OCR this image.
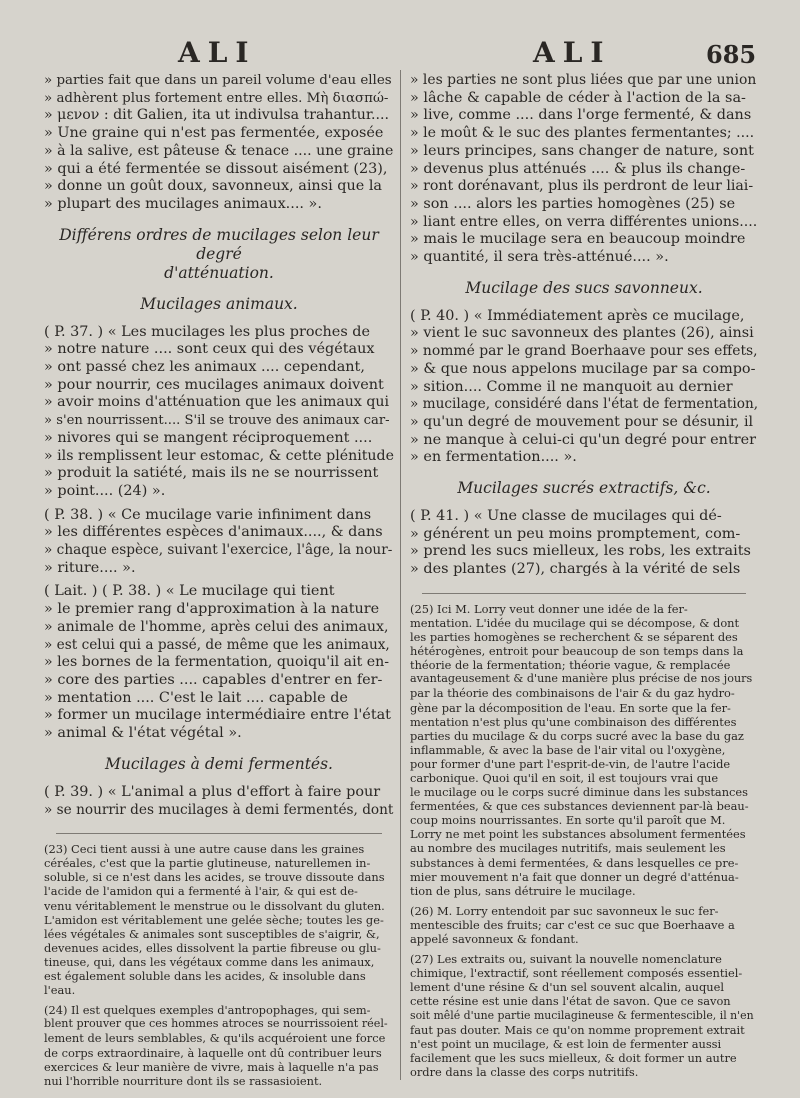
ALI	ALI	685
» parties fait que dans un pareil volume d'eau elles
» adhèrent plus fortement entre elles. Μὴ διασπώ-
» μενον : dit Galien, ita ut indivulsa trahantur....
» Une graine qui n'est pas fermentée, exposée
» à la salive, est pâteuse & tenace .... une graine
» qui a été fermentée se dissout aisément (23),
» donne un goût doux, savonneux, ainsi que la
» plupart des mucilages animaux.... ».
Différens ordres de mucilages selon leur degré
d'atténuation.
Mucilages animaux.
( P. 37. ) « Les mucilages les plus proches de
» notre nature .... sont ceux qui des végétaux
» ont passé chez les animaux .... cependant,
» pour nourrir, ces mucilages animaux doivent
» avoir moins d'atténuation que les animaux qui
» s'en nourrissent.... S'il se trouve des animaux car-
» nivores qui se mangent réciproquement ....
» ils remplissent leur estomac, & cette plénitude
» produit la satiété, mais ils ne se nourrissent
» point.... (24) ».
( P. 38. ) « Ce mucilage varie infiniment dans
» les différentes espèces d'animaux...., & dans
» chaque espèce, suivant l'exercice, l'âge, la nour-
» riture.... ».
( Lait. ) ( P. 38. ) « Le mucilage qui tient
» le premier rang d'approximation à la nature
» animale de l'homme, après celui des animaux,
» est celui qui a passé, de même que les animaux,
» les bornes de la fermentation, quoiqu'il ait en-
» core des parties .... capables d'entrer en fer-
» mentation .... C'est le lait .... capable de
» former un mucilage intermédiaire entre l'état
» animal & l'état végétal ».
Mucilages à demi fermentés.
( P. 39. ) « L'animal a plus d'effort à faire pour
» se nourrir des mucilages à demi fermentés, dont
(23) Ceci tient aussi à une autre cause dans les graines
céréales, c'est que la partie glutineuse, naturellemen in-
soluble, si ce n'est dans les acides, se trouve dissoute dans
l'acide de l'amidon qui a fermenté à l'air, & qui est de-
venu véritablement le menstrue ou le dissolvant du gluten.
L'amidon est véritablement une gelée sèche; toutes les ge-
lées végétales & animales sont susceptibles de s'aigrir, &,
devenues acides, elles dissolvent la partie fibreuse ou glu-
tineuse, qui, dans les végétaux comme dans les animaux,
est également soluble dans les acides, & insoluble dans
l'eau.
(24) Il est quelques exemples d'antropophages, qui sem-
blent prouver que ces hommes atroces se nourrissoient réel-
lement de leurs semblables, & qu'ils acquéroient une force
de corps extraordinaire, à laquelle ont dû contribuer leurs
exercices & leur manière de vivre, mais à laquelle n'a pas
nui l'horrible nourriture dont ils se rassasioient.
» les parties ne sont plus liées que par une union
» lâche & capable de céder à l'action de la sa-
» live, comme .... dans l'orge fermenté, & dans
» le moût & le suc des plantes fermentantes; ....
» leurs principes, sans changer de nature, sont
» devenus plus atténués .... & plus ils change-
» ront dorénavant, plus ils perdront de leur liai-
» son .... alors les parties homogènes (25) se
» liant entre elles, on verra différentes unions....
» mais le mucilage sera en beaucoup moindre
» quantité, il sera très-atténué.... ».
Mucilage des sucs savonneux.
( P. 40. ) « Immédiatement après ce mucilage,
» vient le suc savonneux des plantes (26), ainsi
» nommé par le grand Boerhaave pour ses effets,
» & que nous appelons mucilage par sa compo-
» sition.... Comme il ne manquoit au dernier
» mucilage, considéré dans l'état de fermentation,
» qu'un degré de mouvement pour se désunir, il
» ne manque à celui-ci qu'un degré pour entrer
» en fermentation.... ».
Mucilages sucrés extractifs, &c.
( P. 41. ) « Une classe de mucilages qui dé-
» générent un peu moins promptement, com-
» prend les sucs mielleux, les robs, les extraits
» des plantes (27), chargés à la vérité de sels
(25) Ici M. Lorry veut donner une idée de la fer-
mentation. L'idée du mucilage qui se décompose, & dont
les parties homogènes se recherchent & se séparent des
hétérogènes, entroit pour beaucoup de son temps dans la
théorie de la fermentation; théorie vague, & remplacée
avantageusement & d'une manière plus précise de nos jours
par la théorie des combinaisons de l'air & du gaz hydro-
gène par la décomposition de l'eau. En sorte que la fer-
mentation n'est plus qu'une combinaison des différentes
parties du mucilage & du corps sucré avec la base du gaz
inflammable, & avec la base de l'air vital ou l'oxygène,
pour former d'une part l'esprit-de-vin, de l'autre l'acide
carbonique. Quoi qu'il en soit, il est toujours vrai que
le mucilage ou le corps sucré diminue dans les substances
fermentées, & que ces substances deviennent par-là beau-
coup moins nourrissantes. En sorte qu'il paroît que M.
Lorry ne met point les substances absolument fermentées
au nombre des mucilages nutritifs, mais seulement les
substances à demi fermentées, & dans lesquelles ce pre-
mier mouvement n'a fait que donner un degré d'atténua-
tion de plus, sans détruire le mucilage.
(26) M. Lorry entendoit par suc savonneux le suc fer-
mentescible des fruits; car c'est ce suc que Boerhaave a
appelé savonneux & fondant.
(27) Les extraits ou, suivant la nouvelle nomenclature
chimique, l'extractif, sont réellement composés essentiel-
lement d'une résine & d'un sel souvent alcalin, auquel
cette résine est unie dans l'état de savon. Que ce savon
soit mêlé d'une partie mucilagineuse & fermentescible, il n'en
faut pas douter. Mais ce qu'on nomme proprement extrait
n'est point un mucilage, & est loin de fermenter aussi
facilement que les sucs mielleux, & doit former un autre
ordre dans la classe des corps nutritifs.
